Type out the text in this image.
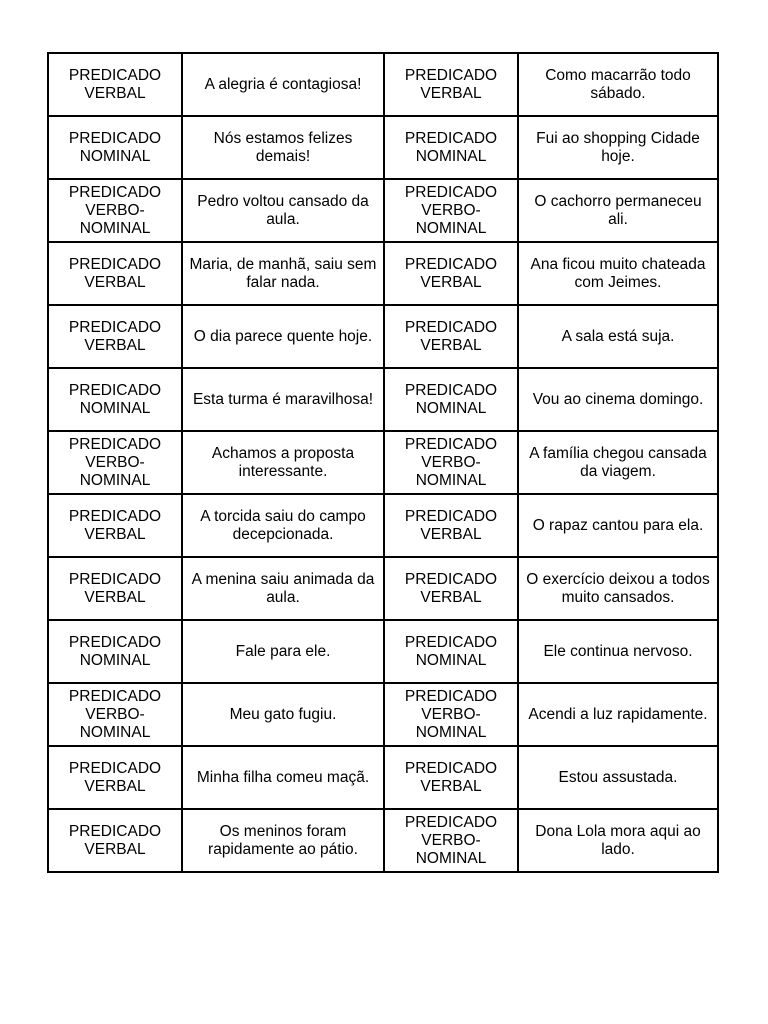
PREDICADO VERBAL	A alegria é contagiosa!	PREDICADO VERBAL	Como macarrão todo sábado.
PREDICADO NOMINAL	Nós estamos felizes demais!	PREDICADO NOMINAL	Fui ao shopping Cidade hoje.
PREDICADO VERBO-NOMINAL	Pedro voltou cansado da aula.	PREDICADO VERBO-NOMINAL	O cachorro permaneceu ali.
PREDICADO VERBAL	Maria, de manhã, saiu sem falar nada.	PREDICADO VERBAL	Ana ficou muito chateada com Jeimes.
PREDICADO VERBAL	O dia parece quente hoje.	PREDICADO VERBAL	A sala está suja.
PREDICADO NOMINAL	Esta turma é maravilhosa!	PREDICADO NOMINAL	Vou ao cinema domingo.
PREDICADO VERBO-NOMINAL	Achamos a proposta interessante.	PREDICADO VERBO-NOMINAL	A família chegou cansada da viagem.
PREDICADO VERBAL	A torcida saiu do campo decepcionada.	PREDICADO VERBAL	O rapaz cantou para ela.
PREDICADO VERBAL	A menina saiu animada da aula.	PREDICADO VERBAL	O exercício deixou a todos muito cansados.
PREDICADO NOMINAL	Fale para ele.	PREDICADO NOMINAL	Ele continua nervoso.
PREDICADO VERBO-NOMINAL	Meu gato fugiu.	PREDICADO VERBO-NOMINAL	Acendi a luz rapidamente.
PREDICADO VERBAL	Minha filha comeu maçã.	PREDICADO VERBAL	Estou assustada.
PREDICADO VERBAL	Os meninos foram rapidamente ao pátio.	PREDICADO VERBO-NOMINAL	Dona Lola mora aqui ao lado.
